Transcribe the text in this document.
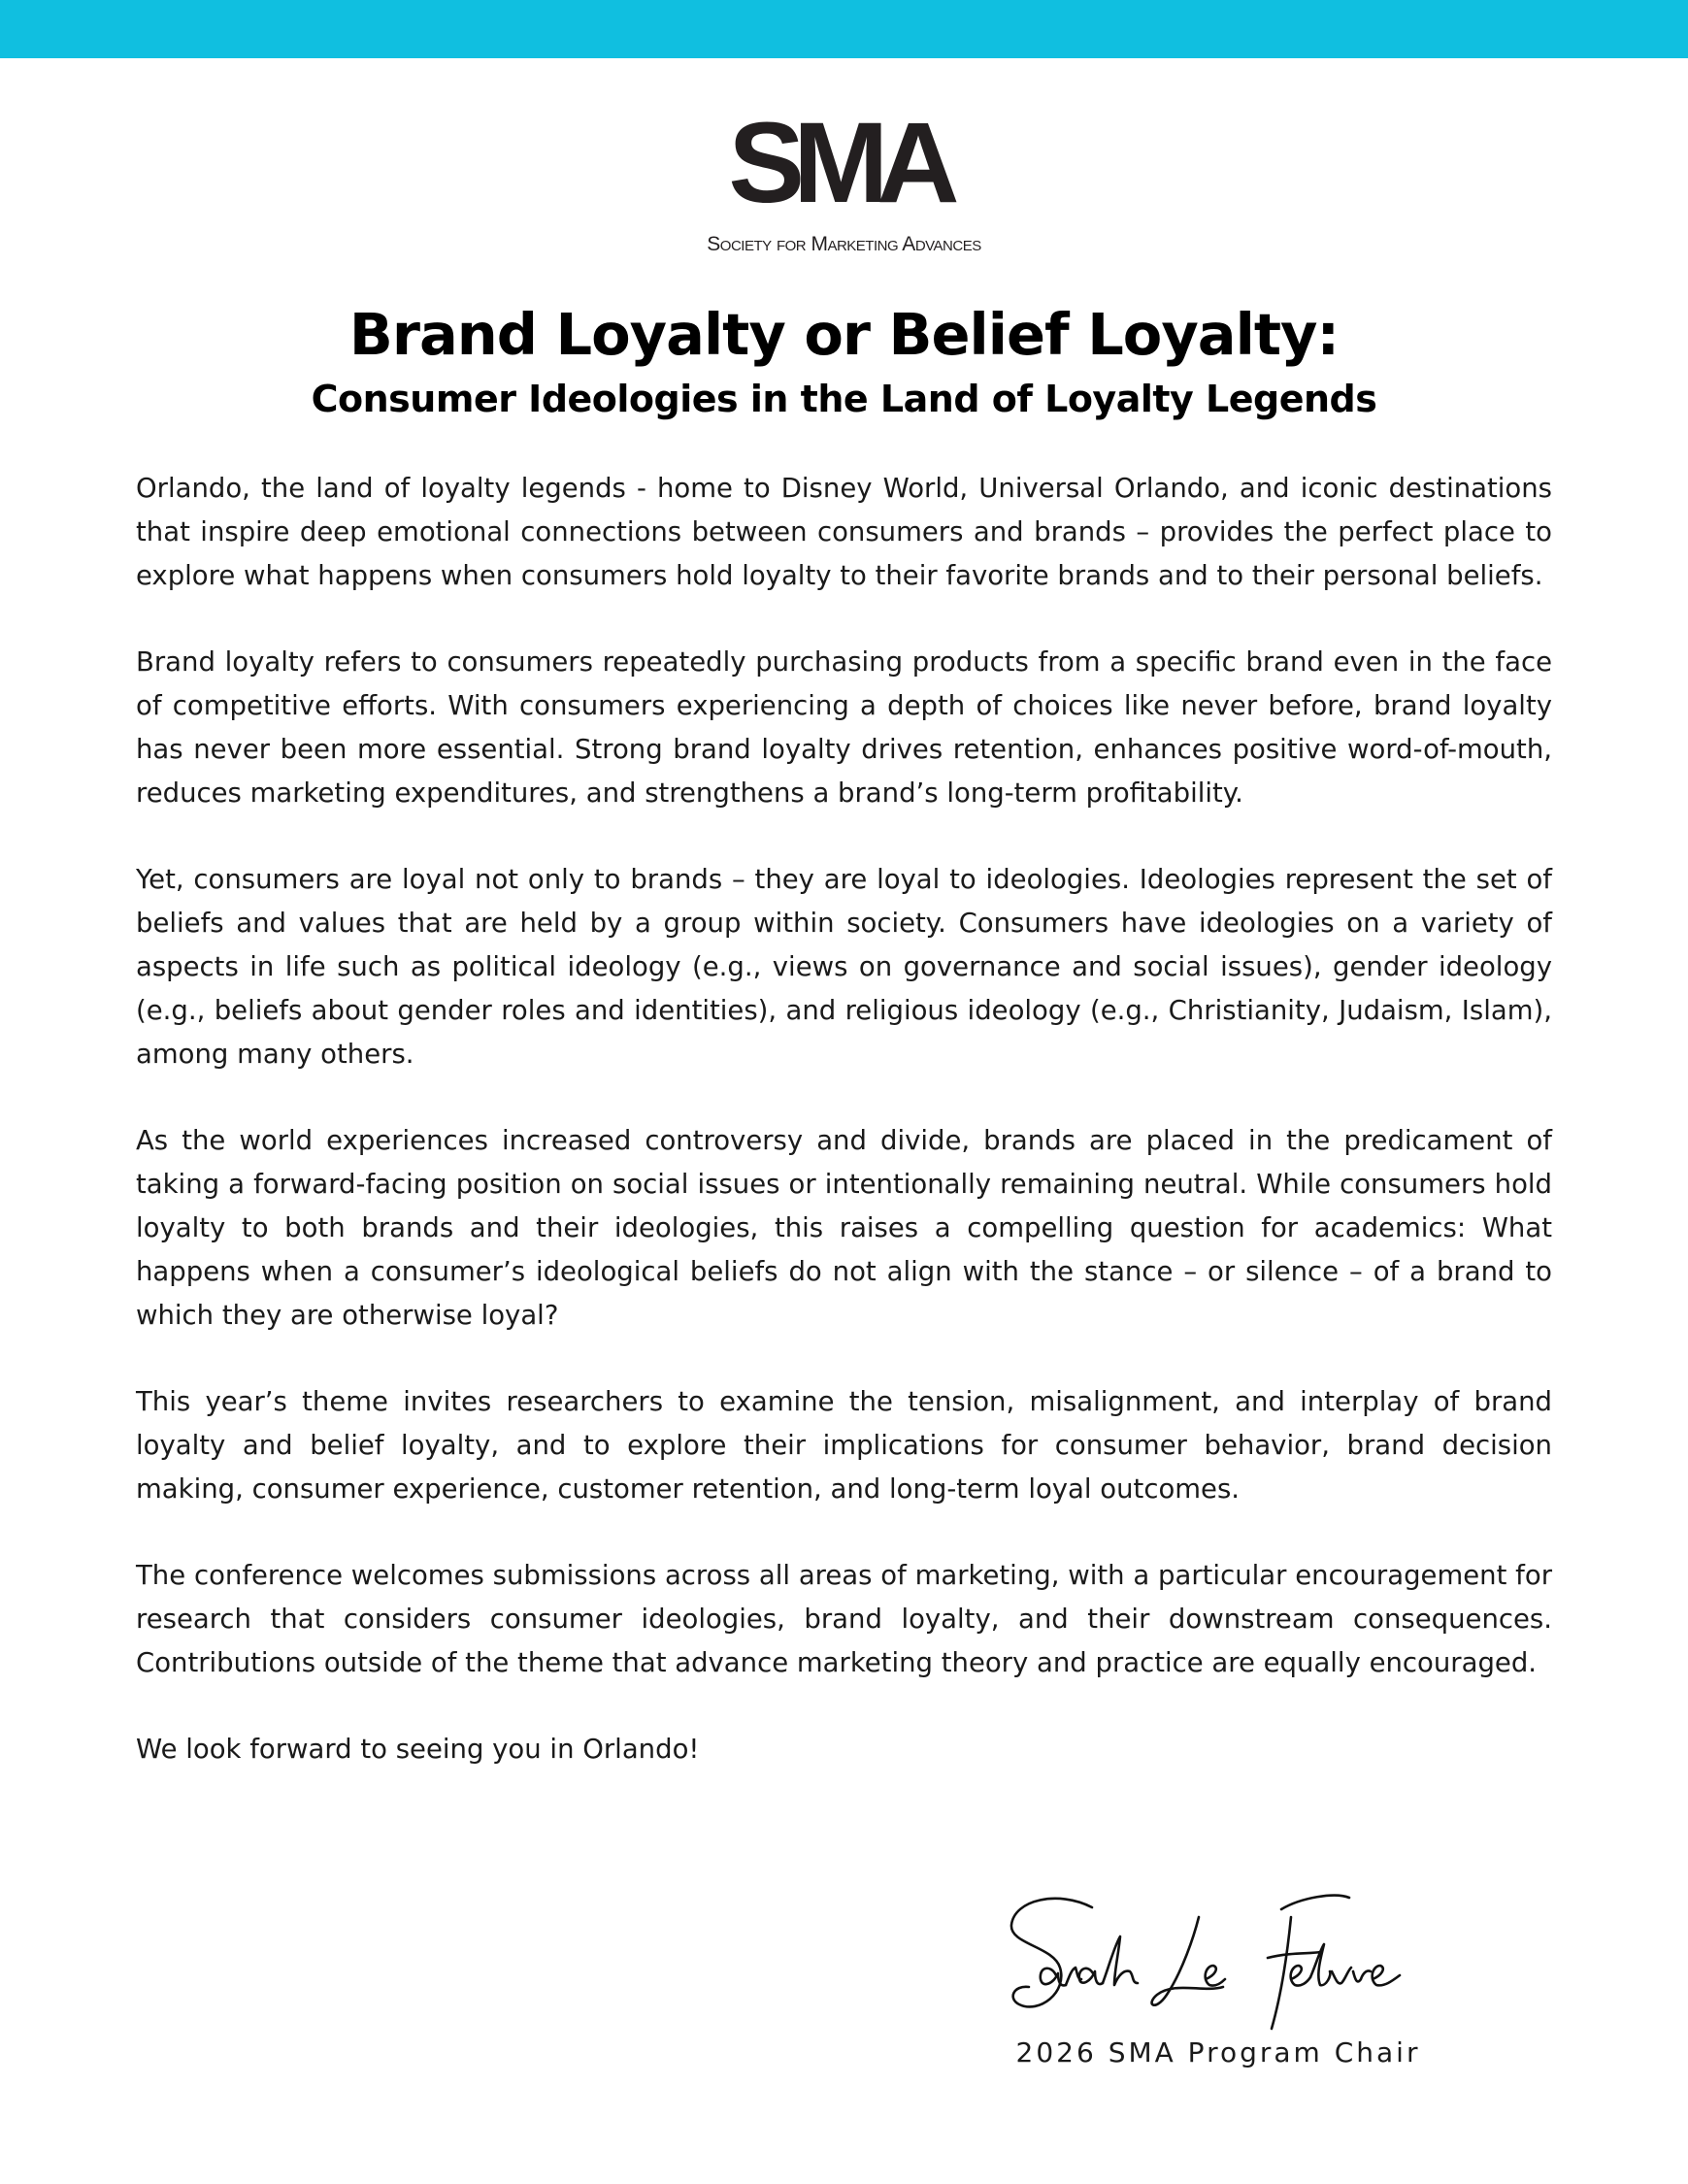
SMA
Society for Marketing Advances
Brand Loyalty or Belief Loyalty:
Consumer Ideologies in the Land of Loyalty Legends

Orlando, the land of loyalty legends - home to Disney World, Universal Orlando, and iconic destinations that inspire deep emotional connections between consumers and brands – provides the perfect place to explore what happens when consumers hold loyalty to their favorite brands and to their personal beliefs.

Brand loyalty refers to consumers repeatedly purchasing products from a specific brand even in the face of competitive efforts. With consumers experiencing a depth of choices like never before, brand loyalty has never been more essential. Strong brand loyalty drives retention, enhances positive word-of-mouth, reduces marketing expenditures, and strengthens a brand’s long-term profitability.

Yet, consumers are loyal not only to brands – they are loyal to ideologies. Ideologies represent the set of beliefs and values that are held by a group within society. Consumers have ideologies on a variety of aspects in life such as political ideology (e.g., views on governance and social issues), gender ideology (e.g., beliefs about gender roles and identities), and religious ideology (e.g., Christianity, Judaism, Islam), among many others.

As the world experiences increased controversy and divide, brands are placed in the predicament of taking a forward-facing position on social issues or intentionally remaining neutral. While consumers hold loyalty to both brands and their ideologies, this raises a compelling question for academics: What happens when a consumer’s ideological beliefs do not align with the stance – or silence – of a brand to which they are otherwise loyal?

This year’s theme invites researchers to examine the tension, misalignment, and interplay of brand loyalty and belief loyalty, and to explore their implications for consumer behavior, brand decision making, consumer experience, customer retention, and long-term loyal outcomes.

The conference welcomes submissions across all areas of marketing, with a particular encouragement for research that considers consumer ideologies, brand loyalty, and their downstream consequences. Contributions outside of the theme that advance marketing theory and practice are equally encouraged.

We look forward to seeing you in Orlando!

2026 SMA Program Chair
